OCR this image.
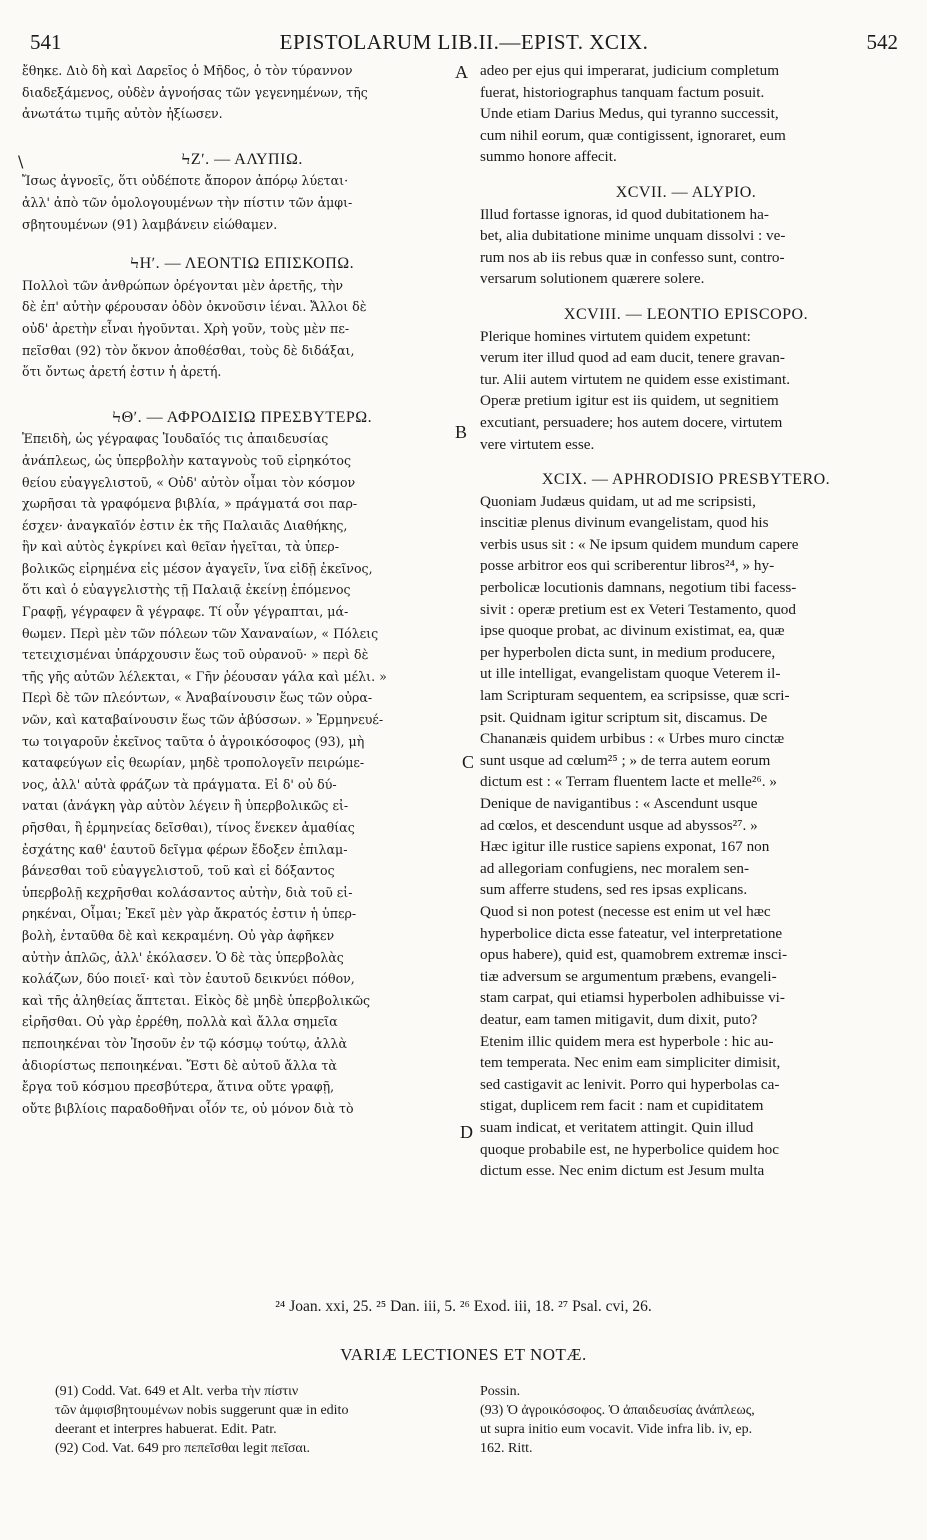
541	EPISTOLARUM LIB.II.—EPIST. XCIX.	542
A
B
C
D
\

ἔθηκε. Διὸ δὴ καὶ Δαρεῖος ὁ Μῆδος, ὁ τὸν τύραννον
διαδεξάμενος, οὐδὲν ἀγνοήσας τῶν γεγενημένων, τῆς
ἀνωτάτω τιμῆς αὐτὸν ἠξίωσεν.

ϞΖʹ. — ΑΛΥΠΙΩ.

Ἴσως ἀγνοεῖς, ὅτι οὐδέποτε ἄπορον ἀπόρῳ λύεται·
ἀλλ' ἀπὸ τῶν ὁμολογουμένων τὴν πίστιν τῶν ἀμφι-
σβητουμένων (91) λαμβάνειν εἰώθαμεν.

ϞΗʹ. — ΛΕΟΝΤΙΩ ΕΠΙΣΚΟΠΩ.

Πολλοὶ τῶν ἀνθρώπων ὀρέγονται μὲν ἀρετῆς, τὴν
δὲ ἐπ' αὐτὴν φέρουσαν ὁδὸν ὀκνοῦσιν ἰέναι. Ἄλλοι δὲ
οὐδ' ἀρετὴν εἶναι ἡγοῦνται. Χρὴ γοῦν, τοὺς μὲν πε-
πεῖσθαι (92) τὸν ὄκνον ἀποθέσθαι, τοὺς δὲ διδάξαι,
ὅτι ὄντως ἀρετή ἐστιν ἡ ἀρετή.

ϞΘʹ. — ΑΦΡΟΔΙΣΙΩ ΠΡΕΣΒΥΤΕΡΩ.

Ἐπειδὴ, ὡς γέγραφας Ἰουδαῖός τις ἀπαιδευσίας
ἀνάπλεως, ὡς ὑπερβολὴν καταγνοὺς τοῦ εἰρηκότος
θείου εὐαγγελιστοῦ, « Οὐδ' αὐτὸν οἶμαι τὸν κόσμον
χωρῆσαι τὰ γραφόμενα βιβλία, » πράγματά σοι παρ-
έσχεν· ἀναγκαῖόν ἐστιν ἐκ τῆς Παλαιᾶς Διαθήκης,
ἣν καὶ αὐτὸς ἐγκρίνει καὶ θεῖαν ἡγεῖται, τὰ ὑπερ-
βολικῶς εἰρημένα εἰς μέσον ἀγαγεῖν, ἵνα εἰδῇ ἐκεῖνος,
ὅτι καὶ ὁ εὐαγγελιστὴς τῇ Παλαιᾷ ἐκείνῃ ἑπόμενος
Γραφῇ, γέγραφεν ἃ γέγραφε. Τί οὖν γέγραπται, μά-
θωμεν. Περὶ μὲν τῶν πόλεων τῶν Χαναναίων, « Πόλεις
τετειχισμέναι ὑπάρχουσιν ἕως τοῦ οὐρανοῦ· » περὶ δὲ
τῆς γῆς αὐτῶν λέλεκται, « Γῆν ῥέουσαν γάλα καὶ μέλι. »
Περὶ δὲ τῶν πλεόντων, « Ἀναβαίνουσιν ἕως τῶν οὐρα-
νῶν, καὶ καταβαίνουσιν ἕως τῶν ἀβύσσων. » Ἑρμηνευέ-
τω τοιγαροῦν ἐκεῖνος ταῦτα ὁ ἀγροικόσοφος (93), μὴ
καταφεύγων εἰς θεωρίαν, μηδὲ τροπολογεῖν πειρώμε-
νος, ἀλλ' αὐτὰ φράζων τὰ πράγματα. Εἰ δ' οὐ δύ-
ναται (ἀνάγκη γὰρ αὐτὸν λέγειν ἢ ὑπερβολικῶς εἰ-
ρῆσθαι, ἢ ἑρμηνείας δεῖσθαι), τίνος ἕνεκεν ἀμαθίας
ἐσχάτης καθ' ἑαυτοῦ δεῖγμα φέρων ἔδοξεν ἐπιλαμ-
βάνεσθαι τοῦ εὐαγγελιστοῦ, τοῦ καὶ εἰ δόξαντος
ὑπερβολῇ κεχρῆσθαι κολάσαντος αὐτὴν, διὰ τοῦ εἰ-
ρηκέναι, Οἶμαι; Ἐκεῖ μὲν γὰρ ἄκρατός ἐστιν ἡ ὑπερ-
βολὴ, ἐνταῦθα δὲ καὶ κεκραμένη. Οὐ γὰρ ἀφῆκεν
αὐτὴν ἁπλῶς, ἀλλ' ἐκόλασεν. Ὁ δὲ τὰς ὑπερβολὰς
κολάζων, δύο ποιεῖ· καὶ τὸν ἑαυτοῦ δεικνύει πόθον,
καὶ τῆς ἀληθείας ἅπτεται. Εἰκὸς δὲ μηδὲ ὑπερβολικῶς
εἰρῆσθαι. Οὐ γὰρ ἐρρέθη, πολλὰ καὶ ἄλλα σημεῖα
πεποιηκέναι τὸν Ἰησοῦν ἐν τῷ κόσμῳ τούτῳ, ἀλλὰ
ἀδιορίστως πεποιηκέναι. Ἔστι δὲ αὐτοῦ ἄλλα τὰ
ἔργα τοῦ κόσμου πρεσβύτερα, ἅτινα οὔτε γραφῇ,
οὔτε βιβλίοις παραδοθῆναι οἷόν τε, οὐ μόνον διὰ τὸ

adeo per ejus qui imperarat, judicium completum
fuerat, historiographus tanquam factum posuit.
Unde etiam Darius Medus, qui tyranno successit,
cum nihil eorum, quæ contigissent, ignoraret, eum
summo honore affecit.

XCVII. — ALYPIO.

Illud fortasse ignoras, id quod dubitationem ha-
bet, alia dubitatione minime unquam dissolvi : ve-
rum nos ab iis rebus quæ in confesso sunt, contro-
versarum solutionem quærere solere.

XCVIII. — LEONTIO EPISCOPO.

Plerique homines virtutem quidem expetunt:
verum iter illud quod ad eam ducit, tenere gravan-
tur. Alii autem virtutem ne quidem esse existimant.
Operæ pretium igitur est iis quidem, ut segnitiem
excutiant, persuadere; hos autem docere, virtutem
vere virtutem esse.

XCIX. — APHRODISIO PRESBYTERO.

Quoniam Judæus quidam, ut ad me scripsisti,
inscitiæ plenus divinum evangelistam, quod his
verbis usus sit : « Ne ipsum quidem mundum capere
posse arbitror eos qui scriberentur libros²⁴, » hy-
perbolicæ locutionis damnans, negotium tibi facess-
sivit : operæ pretium est ex Veteri Testamento, quod
ipse quoque probat, ac divinum existimat, ea, quæ
per hyperbolen dicta sunt, in medium producere,
ut ille intelligat, evangelistam quoque Veterem il-
lam Scripturam sequentem, ea scripsisse, quæ scri-
psit. Quidnam igitur scriptum sit, discamus. De
Chananæis quidem urbibus : « Urbes muro cinctæ
sunt usque ad cœlum²⁵ ; » de terra autem eorum
dictum est : « Terram fluentem lacte et melle²⁶. »
Denique de navigantibus : « Ascendunt usque
ad cœlos, et descendunt usque ad abyssos²⁷. »
Hæc igitur ille rustice sapiens exponat, 167 non
ad allegoriam confugiens, nec moralem sen-
sum afferre studens, sed res ipsas explicans.
Quod si non potest (necesse est enim ut vel hæc
hyperbolice dicta esse fateatur, vel interpretatione
opus habere), quid est, quamobrem extremæ insci-
tiæ adversum se argumentum præbens, evangeli-
stam carpat, qui etiamsi hyperbolen adhibuisse vi-
deatur, eam tamen mitigavit, dum dixit, puto?
Etenim illic quidem mera est hyperbole : hic au-
tem temperata. Nec enim eam simpliciter dimisit,
sed castigavit ac lenivit. Porro qui hyperbolas ca-
stigat, duplicem rem facit : nam et cupiditatem
suam indicat, et veritatem attingit. Quin illud
quoque probabile est, ne hyperbolice quidem hoc
dictum esse. Nec enim dictum est Jesum multa

²⁴ Joan. xxi, 25. ²⁵ Dan. iii, 5. ²⁶ Exod. iii, 18. ²⁷ Psal. cvi, 26.
VARIÆ LECTIONES ET NOTÆ.
(91) Codd. Vat. 649 et Alt. verba τὴν πίστιν
τῶν ἀμφισβητουμένων nobis suggerunt quæ in edito
deerant et interpres habuerat. Edit. Patr.
(92) Cod. Vat. 649 pro πεπεῖσθαι legit πεῖσαι.
Possin.
(93) Ὁ ἀγροικόσοφος. Ὁ ἀπαιδευσίας ἀνάπλεως,
ut supra initio eum vocavit. Vide infra lib. iv, ep.
162. Ritt.
